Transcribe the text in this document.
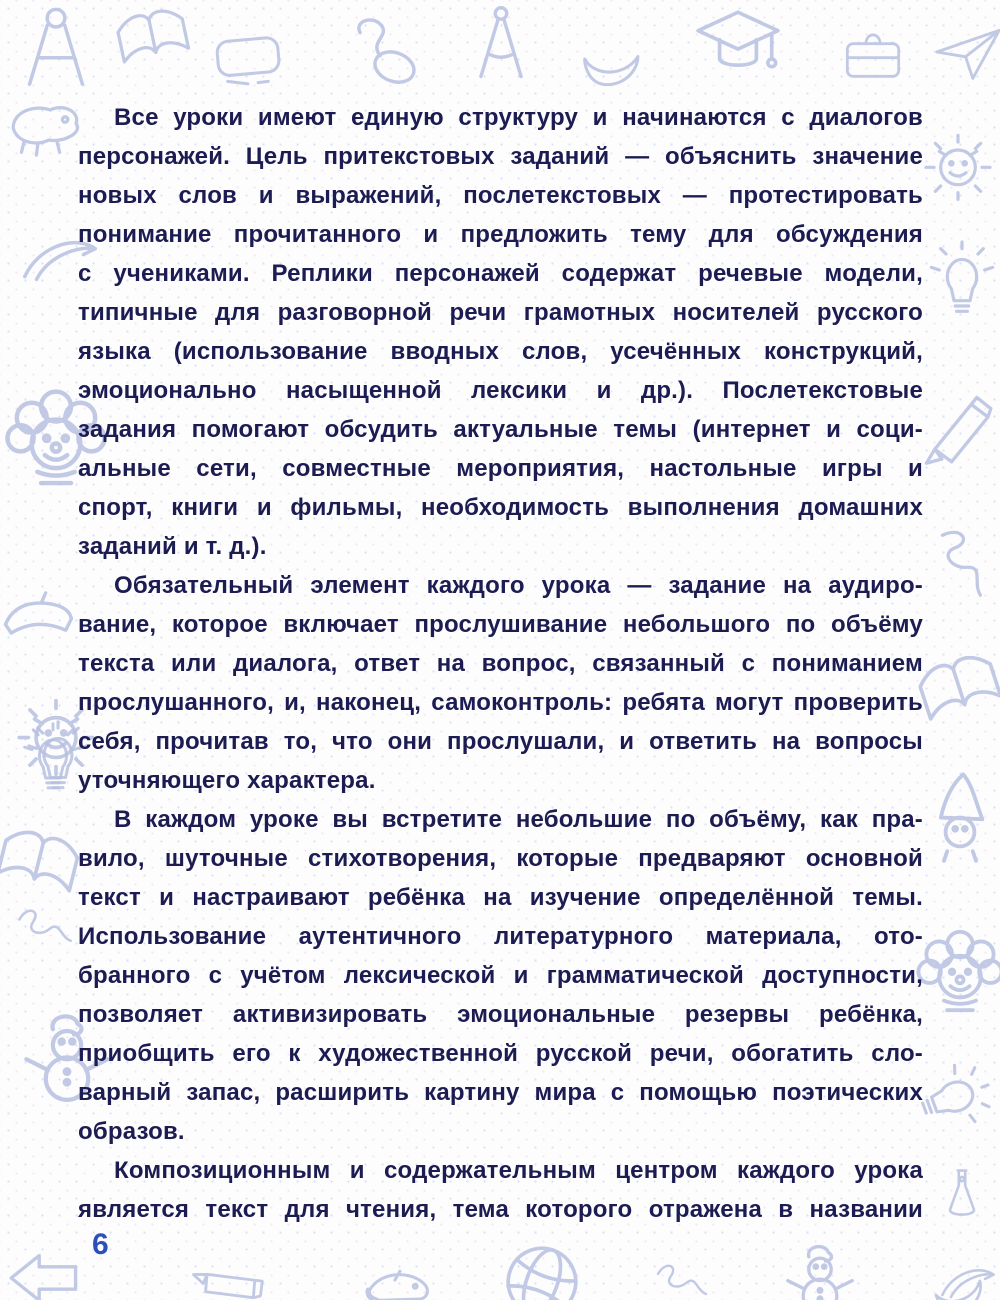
Все уроки имеют единую структуру и начинаются с диалогов
персонажей. Цель притекстовых заданий — объяснить значение
новых слов и выражений, послетекстовых — протестировать
понимание прочитанного и предложить тему для обсуждения
с учениками. Реплики персонажей содержат речевые модели,
типичные для разговорной речи грамотных носителей русского
языка (использование вводных слов, усечённых конструкций,
эмоционально насыщенной лексики и др.). Послетекстовые
задания помогают обсудить актуальные темы (интернет и соци-
альные сети, совместные мероприятия, настольные игры и
спорт, книги и фильмы, необходимость выполнения домашних
заданий и т. д.).
Обязательный элемент каждого урока — задание на аудиро-
вание, которое включает прослушивание небольшого по объёму
текста или диалога, ответ на вопрос, связанный с пониманием
прослушанного, и, наконец, самоконтроль: ребята могут проверить
себя, прочитав то, что они прослушали, и ответить на вопросы
уточняющего характера.
В каждом уроке вы встретите небольшие по объёму, как пра-
вило, шуточные стихотворения, которые предваряют основной
текст и настраивают ребёнка на изучение определённой темы.
Использование аутентичного литературного материала, ото-
бранного с учётом лексической и грамматической доступности,
позволяет активизировать эмоциональные резервы ребёнка,
приобщить его к художественной русской речи, обогатить сло-
варный запас, расширить картину мира с помощью поэтических
образов.
Композиционным и содержательным центром каждого урока
является текст для чтения, тема которого отражена в названии
6
